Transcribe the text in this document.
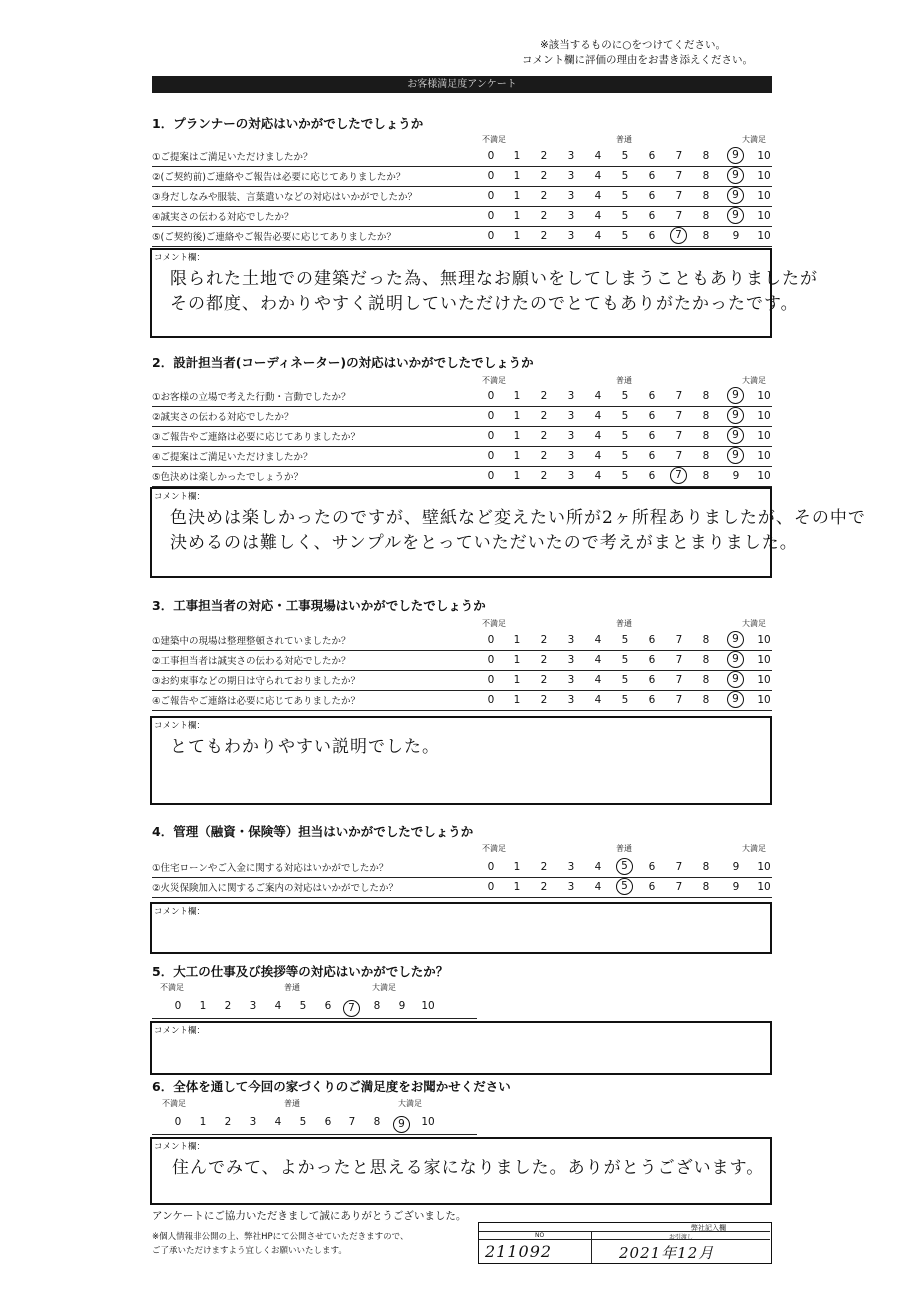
※該当するものに○をつけてください。
コメント欄に評価の理由をお書き添えください。
お客様満足度アンケート
1．プランナーの対応はいかがでしたでしょうか
不満足	普通	大満足
①ご提案はご満足いただけましたか？	0	1	2	3	4	5	6	7	8	9	10
②(ご契約前)ご連絡やご報告は必要に応じてありましたか？	0	1	2	3	4	5	6	7	8	9	10
③身だしなみや服装、言葉遣いなどの対応はいかがでしたか？	0	1	2	3	4	5	6	7	8	9	10
④誠実さの伝わる対応でしたか？	0	1	2	3	4	5	6	7	8	9	10
⑤(ご契約後)ご連絡やご報告必要に応じてありましたか？	0	1	2	3	4	5	6	7	8	9	10
コメント欄：
限られた土地での建築だった為、無理なお願いをしてしまうこともありましたが
その都度、わかりやすく説明していただけたのでとてもありがたかったです。
2．設計担当者(コーディネーター)の対応はいかがでしたでしょうか
不満足	普通	大満足
①お客様の立場で考えた行動・言動でしたか？	0	1	2	3	4	5	6	7	8	9	10
②誠実さの伝わる対応でしたか？	0	1	2	3	4	5	6	7	8	9	10
③ご報告やご連絡は必要に応じてありましたか？	0	1	2	3	4	5	6	7	8	9	10
④ご提案はご満足いただけましたか？	0	1	2	3	4	5	6	7	8	9	10
⑤色決めは楽しかったでしょうか？	0	1	2	3	4	5	6	7	8	9	10
コメント欄：
色決めは楽しかったのですが、壁紙など変えたい所が2ヶ所程ありましたが、その中で
決めるのは難しく、サンプルをとっていただいたので考えがまとまりました。
3．工事担当者の対応・工事現場はいかがでしたでしょうか
不満足	普通	大満足
①建築中の現場は整理整頓されていましたか？	0	1	2	3	4	5	6	7	8	9	10
②工事担当者は誠実さの伝わる対応でしたか？	0	1	2	3	4	5	6	7	8	9	10
③お約束事などの期日は守られておりましたか？	0	1	2	3	4	5	6	7	8	9	10
④ご報告やご連絡は必要に応じてありましたか？	0	1	2	3	4	5	6	7	8	9	10
コメント欄：
とてもわかりやすい説明でした。
4．管理（融資・保険等）担当はいかがでしたでしょうか
不満足	普通	大満足
①住宅ローンやご入金に関する対応はいかがでしたか？	0	1	2	3	4	5	6	7	8	9	10
②火災保険加入に関するご案内の対応はいかがでしたか？	0	1	2	3	4	5	6	7	8	9	10
コメント欄：
5．大工の仕事及び挨拶等の対応はいかがでしたか？
不満足	普通	大満足
0	1	2	3	4	5	6	7	8	9	10
コメント欄：
6．全体を通して今回の家づくりのご満足度をお聞かせください
不満足	普通	大満足
0	1	2	3	4	5	6	7	8	9	10
コメント欄：
住んでみて、よかったと思える家になりました。ありがとうございます。
アンケートにご協力いただきまして誠にありがとうございました。
※個人情報非公開の上、弊社HPにて公開させていただきますので、
ご了承いただけますよう宜しくお願いいたします。
弊社記入欄
NO	お引渡し
211092	2021年12月
